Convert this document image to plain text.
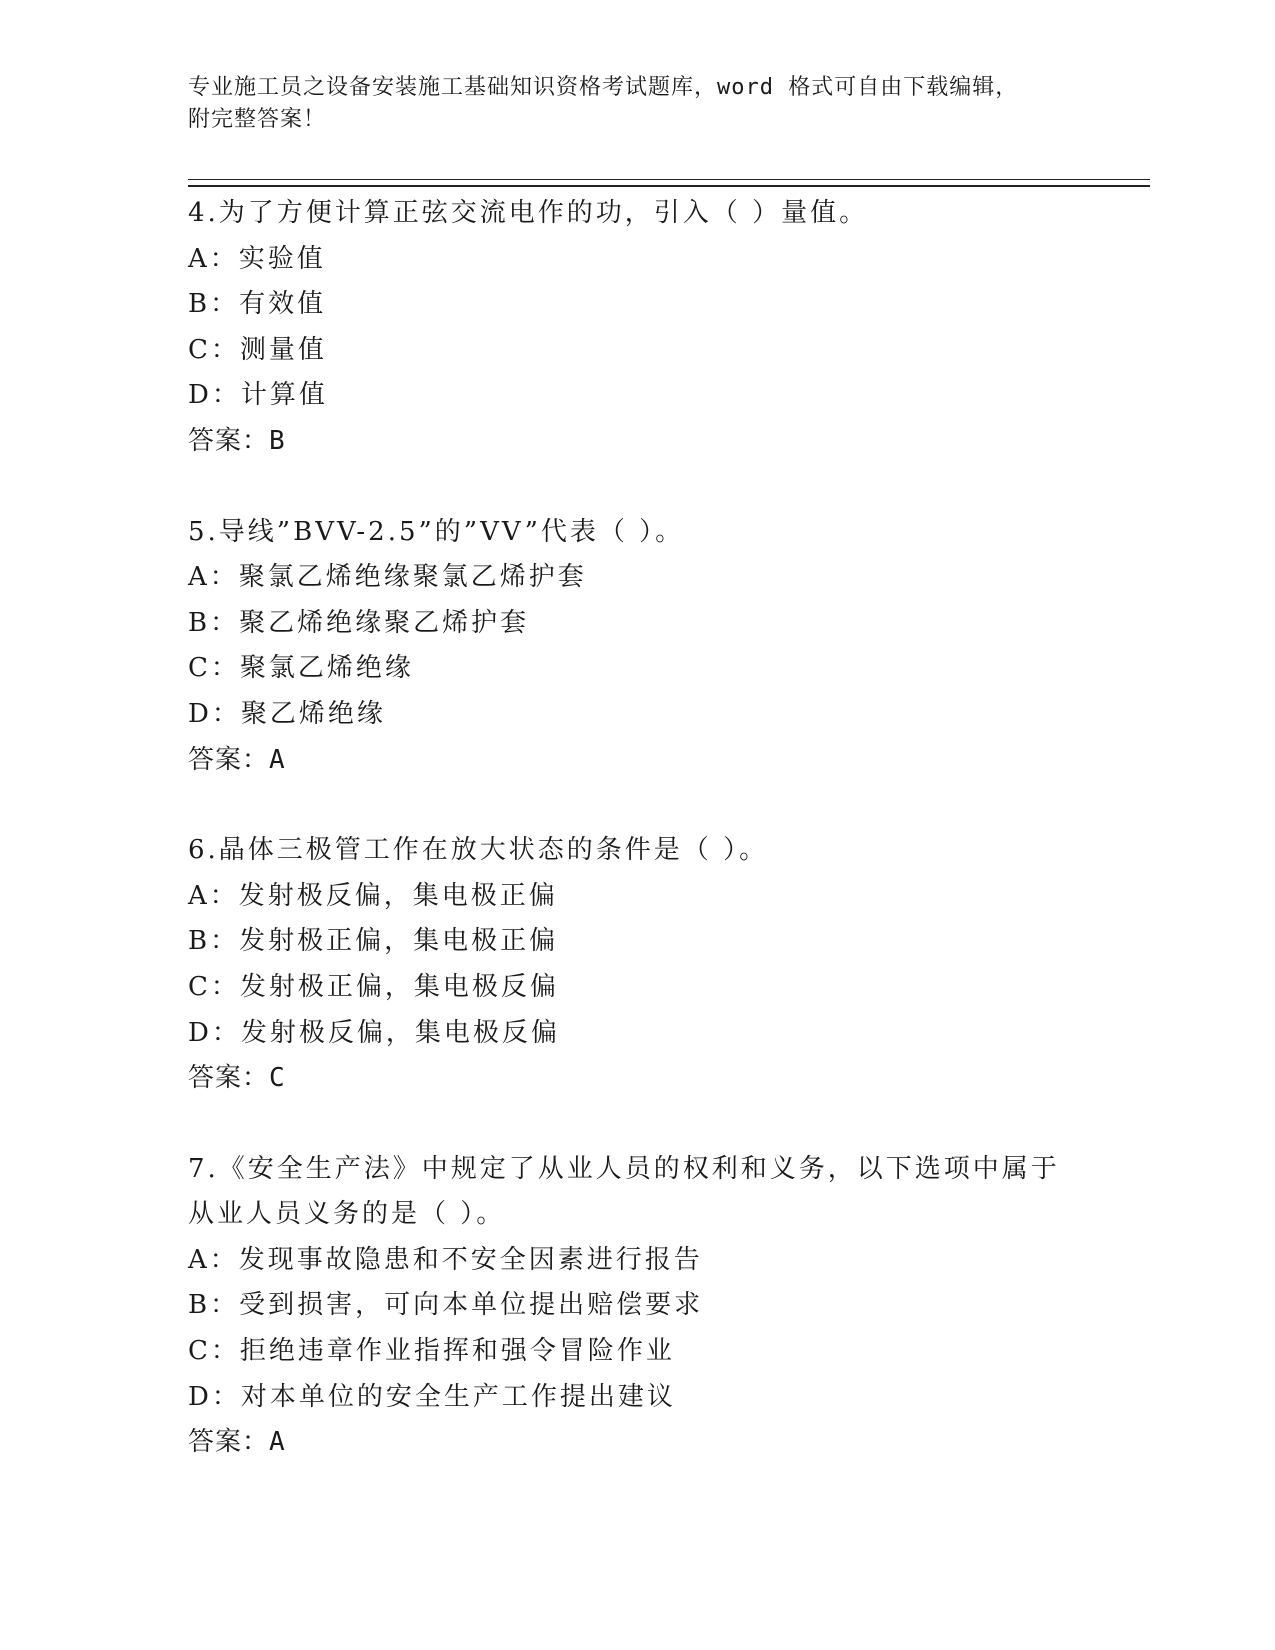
专业施工员之设备安装施工基础知识资格考试题库，word 格式可自由下载编辑，
附完整答案！
4.为了方便计算正弦交流电作的功，引入（ ）量值。
A：实验值
B：有效值
C：测量值
D：计算值
答案：B
5.导线”BVV-2.5”的”VV”代表（ ）。
A：聚氯乙烯绝缘聚氯乙烯护套
B：聚乙烯绝缘聚乙烯护套
C：聚氯乙烯绝缘
D：聚乙烯绝缘
答案：A
6.晶体三极管工作在放大状态的条件是（ ）。
A：发射极反偏，集电极正偏
B：发射极正偏，集电极正偏
C：发射极正偏，集电极反偏
D：发射极反偏，集电极反偏
答案：C
7.《安全生产法》中规定了从业人员的权利和义务，以下选项中属于
从业人员义务的是（ ）。
A：发现事故隐患和不安全因素进行报告
B：受到损害，可向本单位提出赔偿要求
C：拒绝违章作业指挥和强令冒险作业
D：对本单位的安全生产工作提出建议
答案：A
